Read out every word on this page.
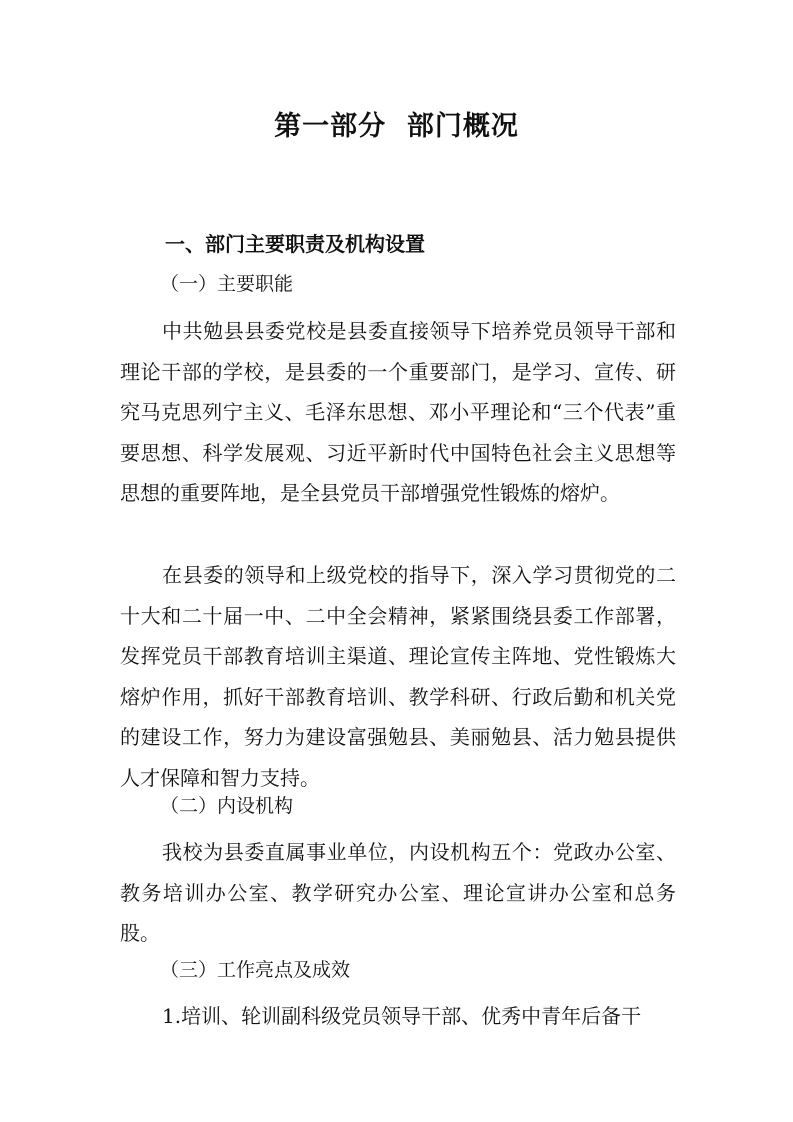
第一部分  部门概况
一、部门主要职责及机构设置
（一）主要职能

中共勉县县委党校是县委直接领导下培养党员领导干部和理论干部的学校，是县委的一个重要部门，是学习、宣传、研究马克思列宁主义、毛泽东思想、邓小平理论和“三个代表”重要思想、科学发展观、习近平新时代中国特色社会主义思想等思想的重要阵地，是全县党员干部增强党性锻炼的熔炉。

在县委的领导和上级党校的指导下，深入学习贯彻党的二十大和二十届一中、二中全会精神，紧紧围绕县委工作部署，发挥党员干部教育培训主渠道、理论宣传主阵地、党性锻炼大熔炉作用，抓好干部教育培训、教学科研、行政后勤和机关党的建设工作，努力为建设富强勉县、美丽勉县、活力勉县提供人才保障和智力支持。

（二）内设机构

我校为县委直属事业单位，内设机构五个：党政办公室、教务培训办公室、教学研究办公室、理论宣讲办公室和总务股。

（三）工作亮点及成效

1.培训、轮训副科级党员领导干部、优秀中青年后备干
